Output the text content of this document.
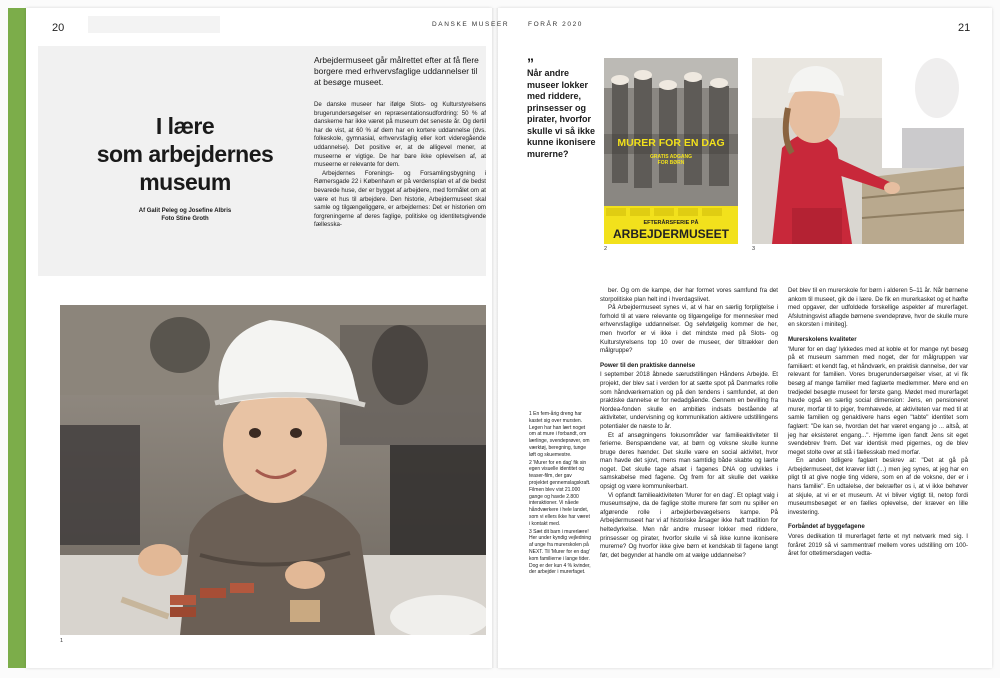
20	DANSKE MUSEER	FORÅR 2020	21
I lære
som arbejdernes
museum
Af Galit Peleg og Josefine Albris
Foto Stine Groth
Arbejdermuseet går målrettet efter at få flere borgere med erhvervsfaglige uddannelser til at besøge museet.

De danske museer har ifølge Slots- og Kulturstyrelsens brugerundersøgelser en repræsentationsudfordring: 50 % af danskerne har ikke været på museum det seneste år. Og dertil har de vist, at 60 % af dem har en kortere uddannelse (dvs. folkeskole, gymnasial, erhvervsfaglig eller kort videregående uddannelse). Det positive er, at de alligevel mener, at museerne er vigtige. De har bare ikke oplevelsen af, at museerne er relevante for dem.

Arbejdernes Forenings- og Forsamlingsbygning i Rømersgade 22 i København er på verdensplan et af de bedst bevarede huse, der er bygget af arbejdere, med formålet om at være et hus til arbejdere. Den historie, Arbejdermuseet skal samle og tilgængeliggøre, er arbejdernes: Det er historien om forgreningerne af deres faglige, politiske og identitetsgivende fællesska-

1
”
Når andre museer lokker med riddere, prinsesser og pirater, hvorfor skulle vi så ikke kunne ikonisere murerne?
MURER FOR EN DAG
GRATIS ADGANG
FOR BØRN
EFTERÅRSFERIE PÅ
ARBEJDERMUSEET
2	3

1 En fem-årig dreng har kastet sig over mursten. Legen har han lært noget om at mure i forbandt, om lærlinge, svendeprøver, om værktøj, beregning, tunge løft og skuemestre.

2 'Murer for en dag' fik sin egen visuelle identitet og teaser-film, der gav projektet gennemslagskraft. Filmen blev vist 21.000 gange og havde 2.800 interaktioner. Vi nåede håndværkere i hele landet, som vi ellers ikke har været i kontakt med.

3 Sæt dit barn i murerlære! Her under kyndig vejledning af unge fra murerskolen på NEXT. Til 'Murer for en dag' kom familierne i lange tider. Dog er der kun 4 % kvinder, der arbejder i murerfaget.

ber. Og om de kampe, der har formet vores samfund fra det storpolitiske plan helt ind i hverdagslivet.

På Arbejdermuseet synes vi, at vi har en særlig forpligtelse i forhold til at være relevante og tilgængelige for mennesker med erhvervsfaglige uddannelser. Og selvfølgelig kommer de her, men hvorfor er vi ikke i det mindste med på Slots- og Kulturstyrelsens top 10 over de museer, der tiltrækker den målgruppe?

Power til den praktiske dannelse

I september 2018 åbnede særudstillingen Håndens Arbejde. Et projekt, der blev sat i verden for at sætte spot på Danmarks rolle som håndværkernation og på den tendens i samfundet, at den praktiske dannelse er for nedadgående. Gennem en bevilling fra Nordea-fonden skulle en ambitiøs indsats bestående af aktiviteter, undervisning og kommunikation aktivere udstillingens potentialer de næste to år.

Et af ansøgningens fokusområder var familieaktiviteter til ferierne. Benspændene var, at børn og voksne skulle kunne bruge deres hænder. Det skulle være en social aktivitet, hvor man havde det sjovt, mens man samtidig både skabte og lærte noget. Det skulle tage afsæt i fagenes DNA og udvikles i samskabelse med fagene. Og frem for alt skulle det vække opsigt og være kommunikerbart.

Vi opfandt familieaktiviteten 'Murer for en dag'. Et oplagt valg i museumsøjne, da de faglige stolte murere før som nu spiller en afgørende rolle i arbejderbevægelsens kampe. På Arbejdermuseet har vi af historiske årsager ikke haft tradition for heltedyrkelse. Men når andre museer lokker med riddere, prinsesser og pirater, hvorfor skulle vi så ikke kunne ikonisere murerne? Og hvorfor ikke give børn et kendskab til fagene langt før, det begynder at handle om at vælge uddannelse?

Det blev til en murerskole for børn i alderen 5–11 år. Når børnene ankom til museet, gik de i lære. De fik en murerkasket og et hæfte med opgaver, der udfoldede forskellige aspekter af murerfaget. Afslutningsvist aflagde børnene svendeprøve, hvor de skulle mure en skorsten i miniteg].

Murerskolens kvaliteter

'Murer for en dag' lykkedes med at koble et for mange nyt besøg på et museum sammen med noget, der for målgruppen var familiært: et kendt fag, et håndværk, en praktisk dannelse, der var relevant for familien. Vores brugerundersøgelser viser, at vi fik besøg af mange familier med faglærte medlemmer. Mere end en tredjedel besøgte museet for første gang. Mødet med murerfaget havde også en særlig social dimension: Jens, en pensioneret murer, morfar til to piger, fremhævede, at aktiviteten var med til at samle familien og genaktivere hans egen "tabte" identitet som faglært: "De kan se, hvordan det har været engang jo ... altså, at jeg har eksisteret engang...". Hjemme igen fandt Jens sit eget svendebrev frem. Det var identisk med pigernes, og de blev meget stolte over at stå i fællesskab med morfar.

En anden tidligere faglært beskrev at: "Det at gå på Arbejdermuseet, det kræver lidt (...) men jeg synes, at jeg har en pligt til at give nogle ting videre, som en af de voksne, der er i hans familie". En udtalelse, der bekræfter os i, at vi ikke behøver at skjule, at vi er et museum. At vi bliver vigtigt til, netop fordi museumsbesøget er en fælles oplevelse, der kræver en lille investering.

Forbåndet af byggefagene

Vores dedikation til murerfaget førte et nyt netværk med sig. I foråret 2019 så vi sammentræf mellem vores udstilling om 100-året for ottetimersdagen vedta-
